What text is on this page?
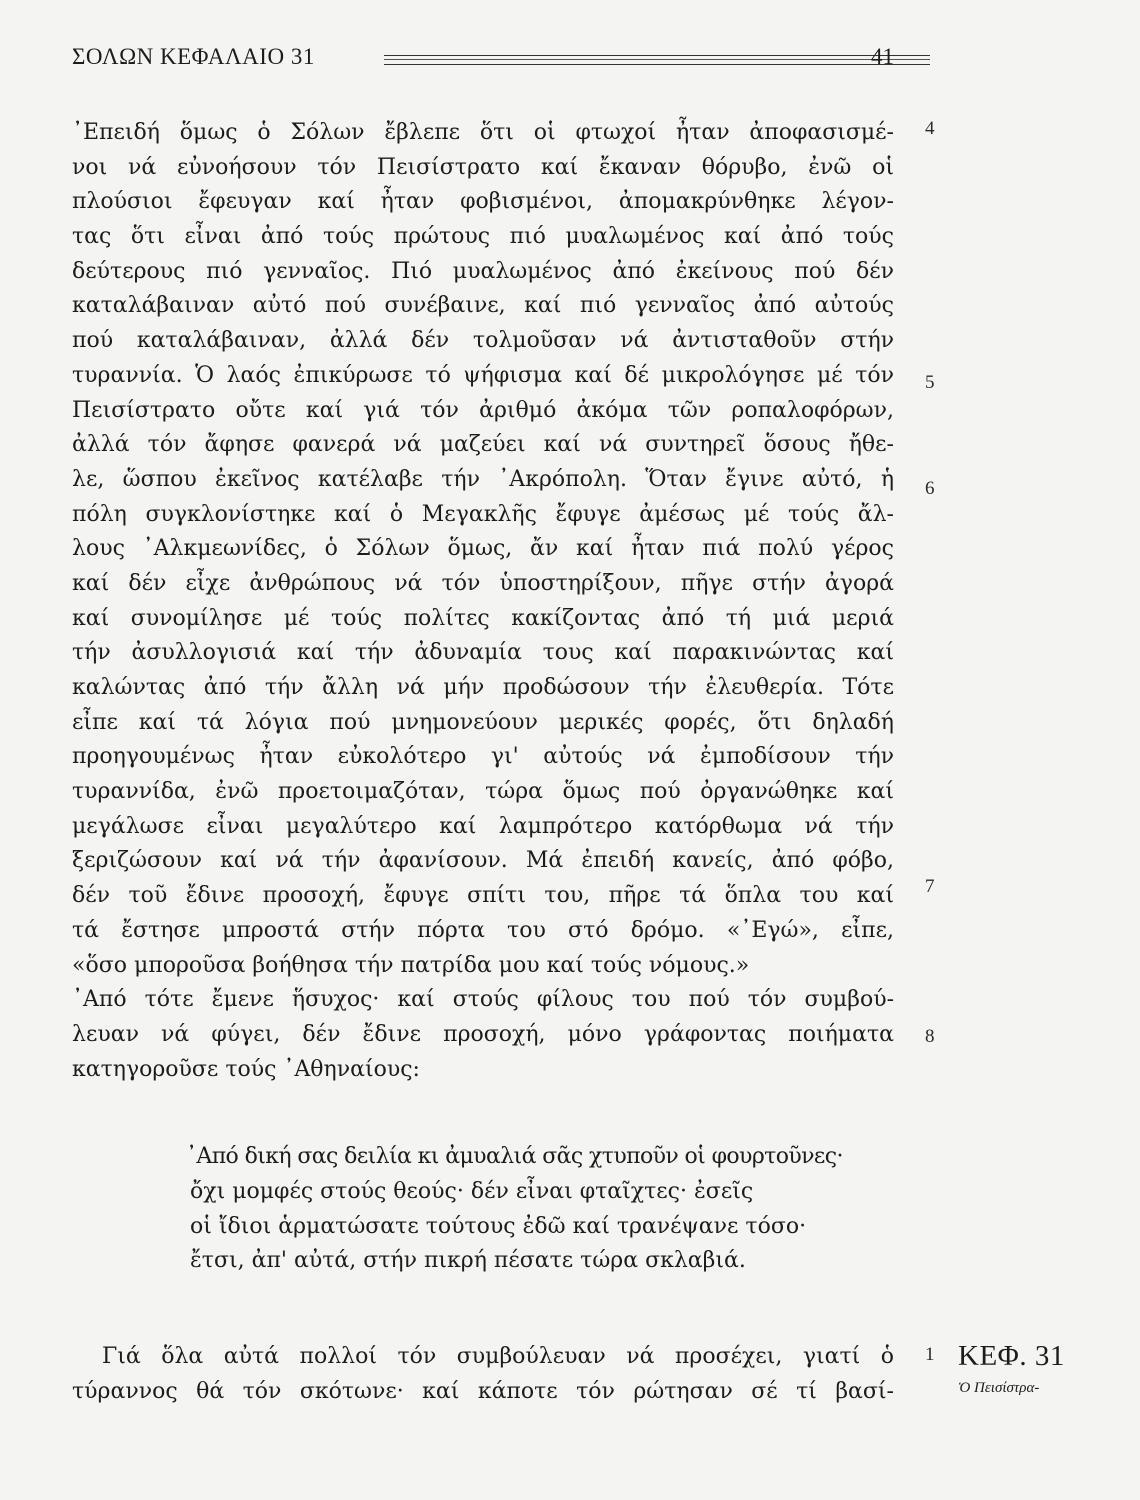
ΣΟΛΩΝ ΚΕΦΑΛΑΙΟ 31	41
᾿Επειδή ὅμως ὁ Σόλων ἔβλεπε ὅτι οἱ φτωχοί ἦταν ἀποφασισμέ-
νοι νά εὐνοήσουν τόν Πεισίστρατο καί ἔκαναν θόρυβο, ἐνῶ οἱ
πλούσιοι ἔφευγαν καί ἦταν φοβισμένοι, ἀπομακρύνθηκε λέγον-
τας ὅτι εἶναι ἀπό τούς πρώτους πιό μυαλωμένος καί ἀπό τούς
δεύτερους πιό γενναῖος. Πιό μυαλωμένος ἀπό ἐκείνους πού δέν
καταλάβαιναν αὐτό πού συνέβαινε, καί πιό γενναῖος ἀπό αὐτούς
πού καταλάβαιναν, ἀλλά δέν τολμοῦσαν νά ἀντισταθοῦν στήν
τυραννία. Ὁ λαός ἐπικύρωσε τό ψήφισμα καί δέ μικρολόγησε μέ τόν
Πεισίστρατο οὔτε καί γιά τόν ἀριθμό ἀκόμα τῶν ροπαλοφόρων,
ἀλλά τόν ἄφησε φανερά νά μαζεύει καί νά συντηρεῖ ὅσους ἤθε-
λε, ὥσπου ἐκεῖνος κατέλαβε τήν ᾿Ακρόπολη. Ὅταν ἔγινε αὐτό, ἡ
πόλη συγκλονίστηκε καί ὁ Μεγακλῆς ἔφυγε ἀμέσως μέ τούς ἄλ-
λους ᾿Αλκμεωνίδες, ὁ Σόλων ὅμως, ἄν καί ἦταν πιά πολύ γέρος
καί δέν εἶχε ἀνθρώπους νά τόν ὑποστηρίξουν, πῆγε στήν ἀγορά
καί συνομίλησε μέ τούς πολίτες κακίζοντας ἀπό τή μιά μεριά
τήν ἀσυλλογισιά καί τήν ἀδυναμία τους καί παρακινώντας καί
καλώντας ἀπό τήν ἄλλη νά μήν προδώσουν τήν ἐλευθερία. Τότε
εἶπε καί τά λόγια πού μνημονεύουν μερικές φορές, ὅτι δηλαδή
προηγουμένως ἦταν εὐκολότερο γι' αὐτούς νά ἐμποδίσουν τήν
τυραννίδα, ἐνῶ προετοιμαζόταν, τώρα ὅμως πού ὀργανώθηκε καί
μεγάλωσε εἶναι μεγαλύτερο καί λαμπρότερο κατόρθωμα νά τήν
ξεριζώσουν καί νά τήν ἀφανίσουν. Μά ἐπειδή κανείς, ἀπό φόβο,
δέν τοῦ ἔδινε προσοχή, ἔφυγε σπίτι του, πῆρε τά ὅπλα του καί
τά ἔστησε μπροστά στήν πόρτα του στό δρόμο. «᾿Εγώ», εἶπε,
«ὅσο μποροῦσα βοήθησα τήν πατρίδα μου καί τούς νόμους.»
᾿Από τότε ἔμενε ἥσυχος· καί στούς φίλους του πού τόν συμβού-
λευαν νά φύγει, δέν ἔδινε προσοχή, μόνο γράφοντας ποιήματα
κατηγοροῦσε τούς ᾿Αθηναίους:
᾿Από δική σας δειλία κι ἀμυαλιά σᾶς χτυποῦν οἱ φουρτοῦνες·
ὄχι μομφές στούς θεούς· δέν εἶναι φταῖχτες· ἐσεῖς
οἱ ἴδιοι ἁρματώσατε τούτους ἐδῶ καί τρανέψανε τόσο·
ἔτσι, ἀπ' αὐτά, στήν πικρή πέσατε τώρα σκλαβιά.
Γιά ὅλα αὐτά πολλοί τόν συμβούλευαν νά προσέχει, γιατί ὁ
τύραννος θά τόν σκότωνε· καί κάποτε τόν ρώτησαν σέ τί βασί-
4
5
6
7
8
1 ΚΕΦ. 31
Ὁ Πεισίστρα-
